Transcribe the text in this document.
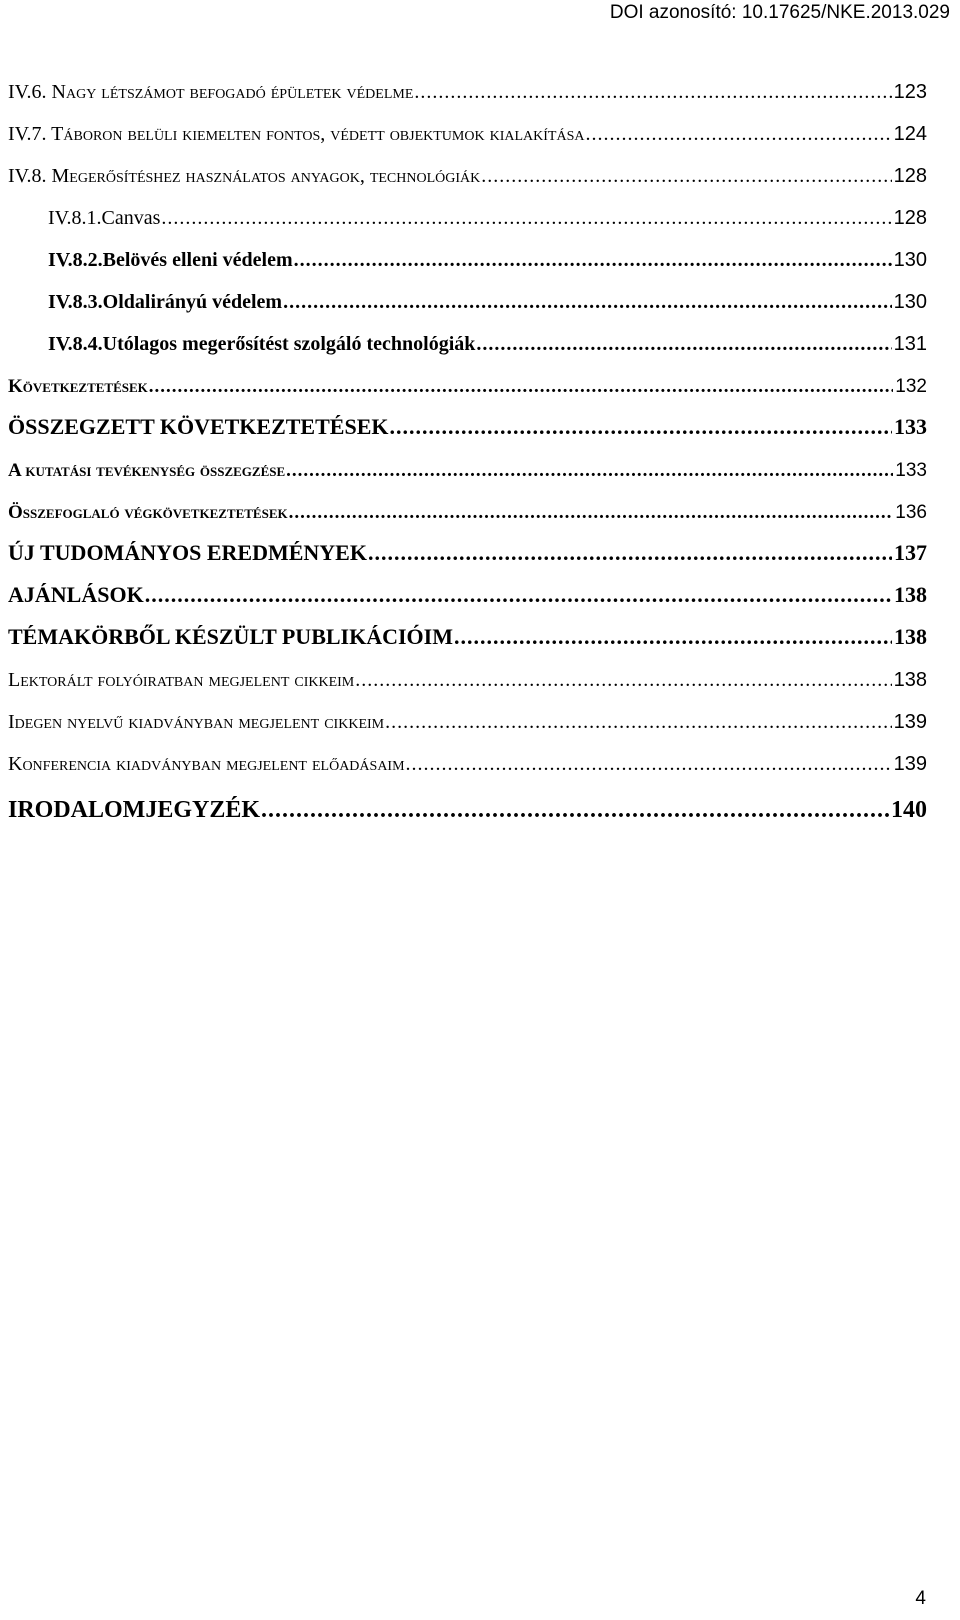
DOI azonosító: 10.17625/NKE.2013.029
IV.6. Nagy létszámot befogadó épületek védelme .....	123
IV.7. Táboron belüli kiemelten fontos, védett objektumok kialakítása .....	124
IV.8. Megerősítéshez használatos anyagok, technológiák .....	128
IV.8.1.Canvas .....	128
IV.8.2.Belövés elleni védelem .....	130
IV.8.3.Oldalirányú védelem .....	130
IV.8.4.Utólagos megerősítést szolgáló technológiák .....	131
Következtetések .....	132
ÖSSZEGZETT KÖVETKEZTETÉSEK .....	133
A kutatási tevékenység összegzése .....	133
Összefoglaló végkövetkeztetések .....	136
ÚJ TUDOMÁNYOS EREDMÉNYEK .....	137
AJÁNLÁSOK .....	138
TÉMAKÖRBŐL KÉSZÜLT PUBLIKÁCIÓIM .....	138
Lektorált folyóiratban megjelent cikkeim .....	138
Idegen nyelvű kiadványban megjelent cikkeim .....	139
Konferencia kiadványban megjelent előadásaim .....	139
IRODALOMJEGYZÉK .....	140
4
